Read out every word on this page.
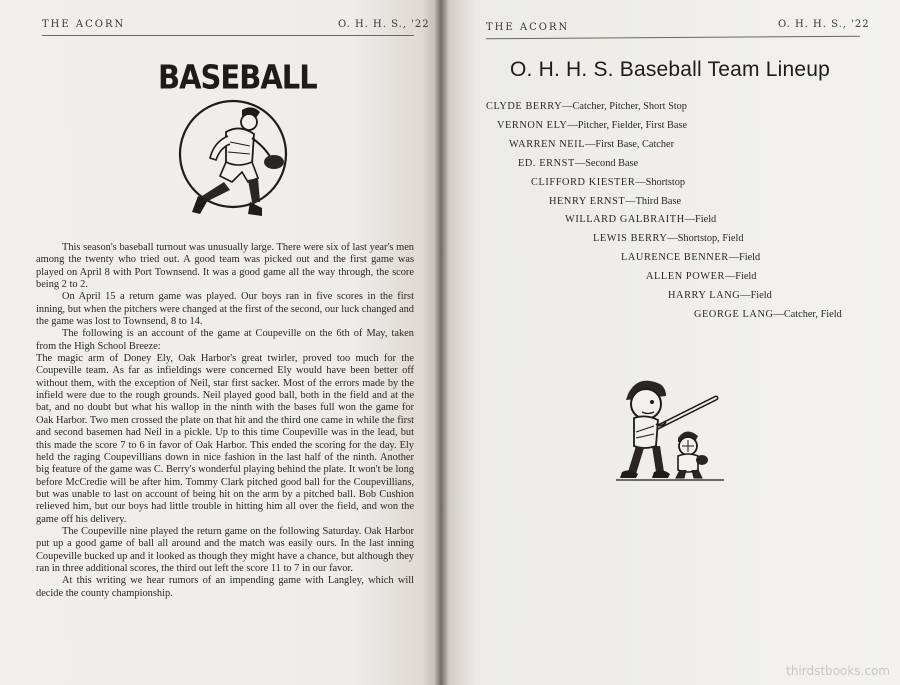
THE ACORN	O. H. H. S., '22
BASEBALL

This season's baseball turnout was unusually large. There were six of last year's men among the twenty who tried out. A good team was picked out and the first game was played on April 8 with Port Townsend. It was a good game all the way through, the score being 2 to 2.

On April 15 a return game was played. Our boys ran in five scores in the first inning, but when the pitchers were changed at the first of the second, our luck changed and the game was lost to Townsend, 8 to 14.

The following is an account of the game at Coupeville on the 6th of May, taken from the High School Breeze:

The magic arm of Doney Ely, Oak Harbor's great twirler, proved too much for the Coupeville team. As far as infieldings were concerned Ely would have been better off without them, with the exception of Neil, star first sacker. Most of the errors made by the infield were due to the rough grounds. Neil played good ball, both in the field and at the bat, and no doubt but what his wallop in the ninth with the bases full won the game for Oak Harbor. Two men crossed the plate on that hit and the third one came in while the first and second basemen had Neil in a pickle. Up to this time Coupeville was in the lead, but this made the score 7 to 6 in favor of Oak Harbor. This ended the scoring for the day. Ely held the raging Coupevillians down in nice fashion in the last half of the ninth. Another big feature of the game was C. Berry's wonderful playing behind the plate. It won't be long before McCredie will be after him. Tommy Clark pitched good ball for the Coupevillians, but was unable to last on account of being hit on the arm by a pitched ball. Bob Cushion relieved him, but our boys had little trouble in hitting him all over the field, and won the game off his delivery.

The Coupeville nine played the return game on the following Saturday. Oak Harbor put up a good game of ball all around and the match was easily ours. In the last inning Coupeville bucked up and it looked as though they might have a chance, but although they ran in three additional scores, the third out left the score 11 to 7 in our favor.

At this writing we hear rumors of an impending game with Langley, which will decide the county championship.

THE ACORN	O. H. H. S., '22
O. H. H. S. Baseball Team Lineup
CLYDE BERRY—Catcher, Pitcher, Short Stop
VERNON ELY—Pitcher, Fielder, First Base
WARREN NEIL—First Base, Catcher
ED. ERNST—Second Base
CLIFFORD KIESTER—Shortstop
HENRY ERNST—Third Base
WILLARD GALBRAITH—Field
LEWIS BERRY—Shortstop, Field
LAURENCE BENNER—Field
ALLEN POWER—Field
HARRY LANG—Field
GEORGE LANG—Catcher, Field
thirdstbooks.com
